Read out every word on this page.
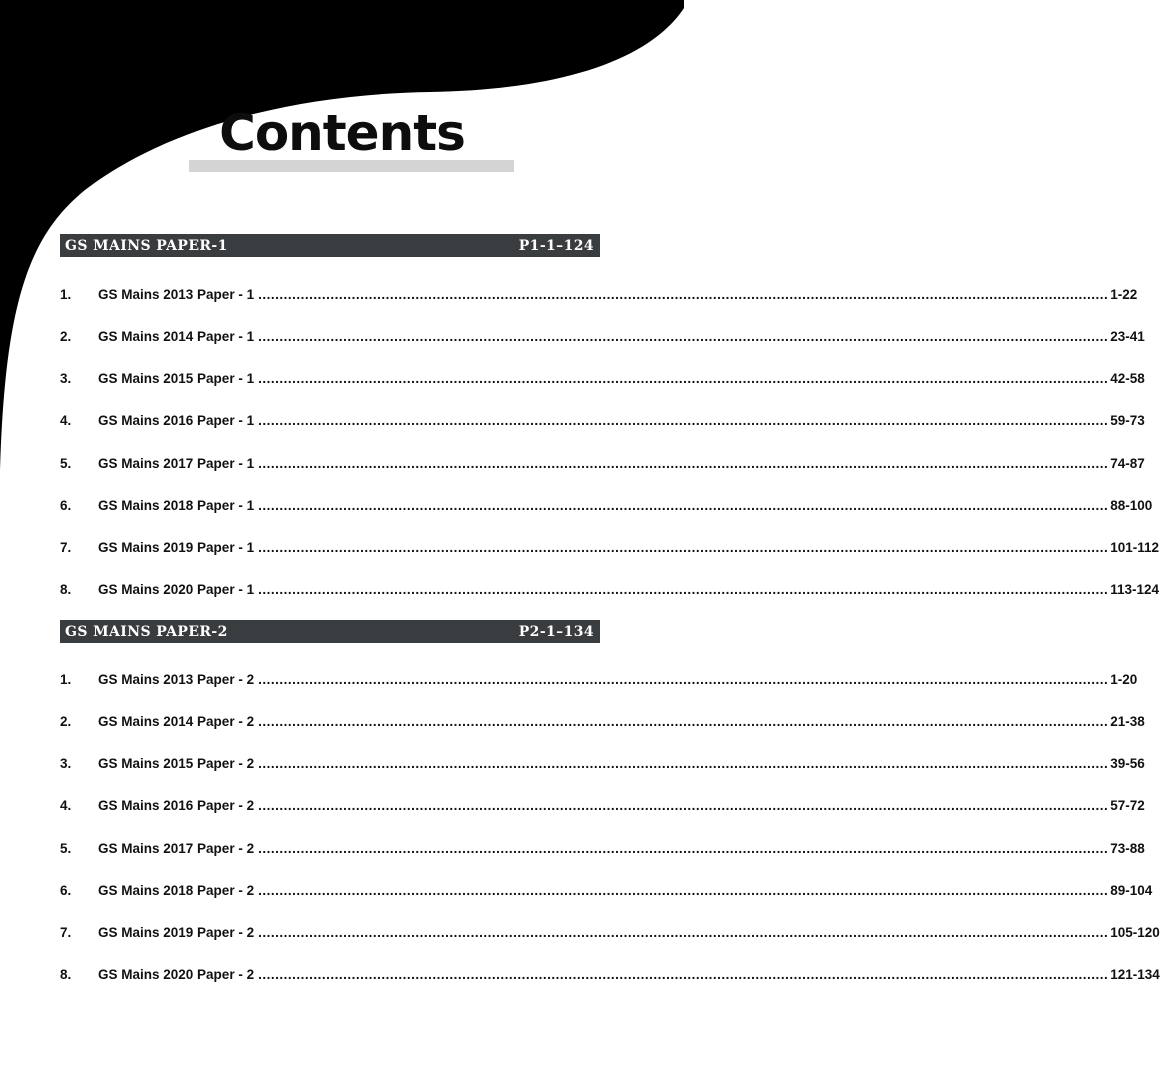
Contents
GS MAINS PAPER-1	P1-1–124
1.	GS Mains 2013 Paper - 1 ........................................................................................................................................................................................................ 1-22
2.	GS Mains 2014 Paper - 1 ........................................................................................................................................................................................................ 23-41
3.	GS Mains 2015 Paper - 1 ........................................................................................................................................................................................................ 42-58
4.	GS Mains 2016 Paper - 1 ........................................................................................................................................................................................................ 59-73
5.	GS Mains 2017 Paper - 1 ........................................................................................................................................................................................................ 74-87
6.	GS Mains 2018 Paper - 1 ........................................................................................................................................................................................................ 88-100
7.	GS Mains 2019 Paper - 1 ........................................................................................................................................................................................................ 101-112
8.	GS Mains 2020 Paper - 1 ........................................................................................................................................................................................................ 113-124
GS MAINS PAPER-2	P2-1–134
1.	GS Mains 2013 Paper - 2 ........................................................................................................................................................................................................ 1-20
2.	GS Mains 2014 Paper - 2 ........................................................................................................................................................................................................ 21-38
3.	GS Mains 2015 Paper - 2 ........................................................................................................................................................................................................ 39-56
4.	GS Mains 2016 Paper - 2 ........................................................................................................................................................................................................ 57-72
5.	GS Mains 2017 Paper - 2 ........................................................................................................................................................................................................ 73-88
6.	GS Mains 2018 Paper - 2 ........................................................................................................................................................................................................ 89-104
7.	GS Mains 2019 Paper - 2 ........................................................................................................................................................................................................ 105-120
8.	GS Mains 2020 Paper - 2 ........................................................................................................................................................................................................ 121-134
